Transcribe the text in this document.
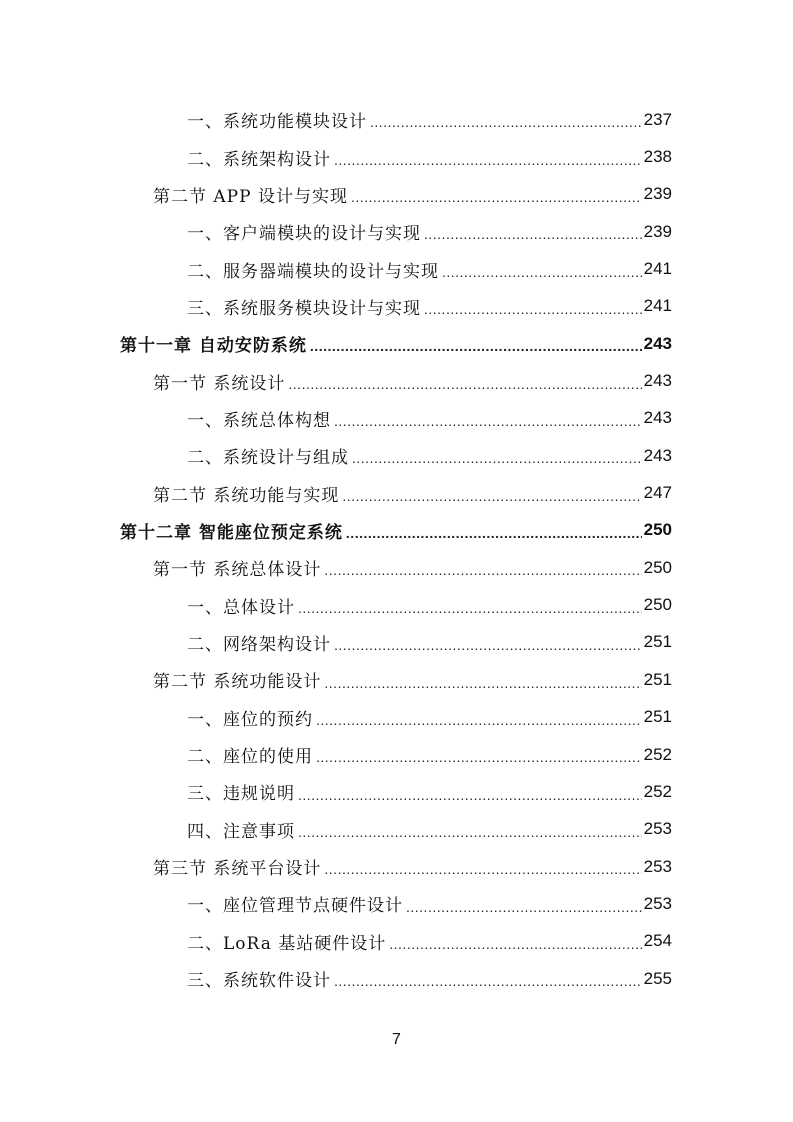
一、系统功能模块设计 .....	237
二、系统架构设计 .....	238
第二节 APP 设计与实现 .....	239
一、客户端模块的设计与实现 .....	239
二、服务器端模块的设计与实现 .....	241
三、系统服务模块设计与实现 .....	241
第十一章 自动安防系统 .....	243
第一节 系统设计 .....	243
一、系统总体构想 .....	243
二、系统设计与组成 .....	243
第二节 系统功能与实现 .....	247
第十二章 智能座位预定系统 .....	250
第一节 系统总体设计 .....	250
一、总体设计 .....	250
二、网络架构设计 .....	251
第二节 系统功能设计 .....	251
一、座位的预约 .....	251
二、座位的使用 .....	252
三、违规说明 .....	252
四、注意事项 .....	253
第三节 系统平台设计 .....	253
一、座位管理节点硬件设计 .....	253
二、LoRa 基站硬件设计 .....	254
三、系统软件设计 .....	255
7
